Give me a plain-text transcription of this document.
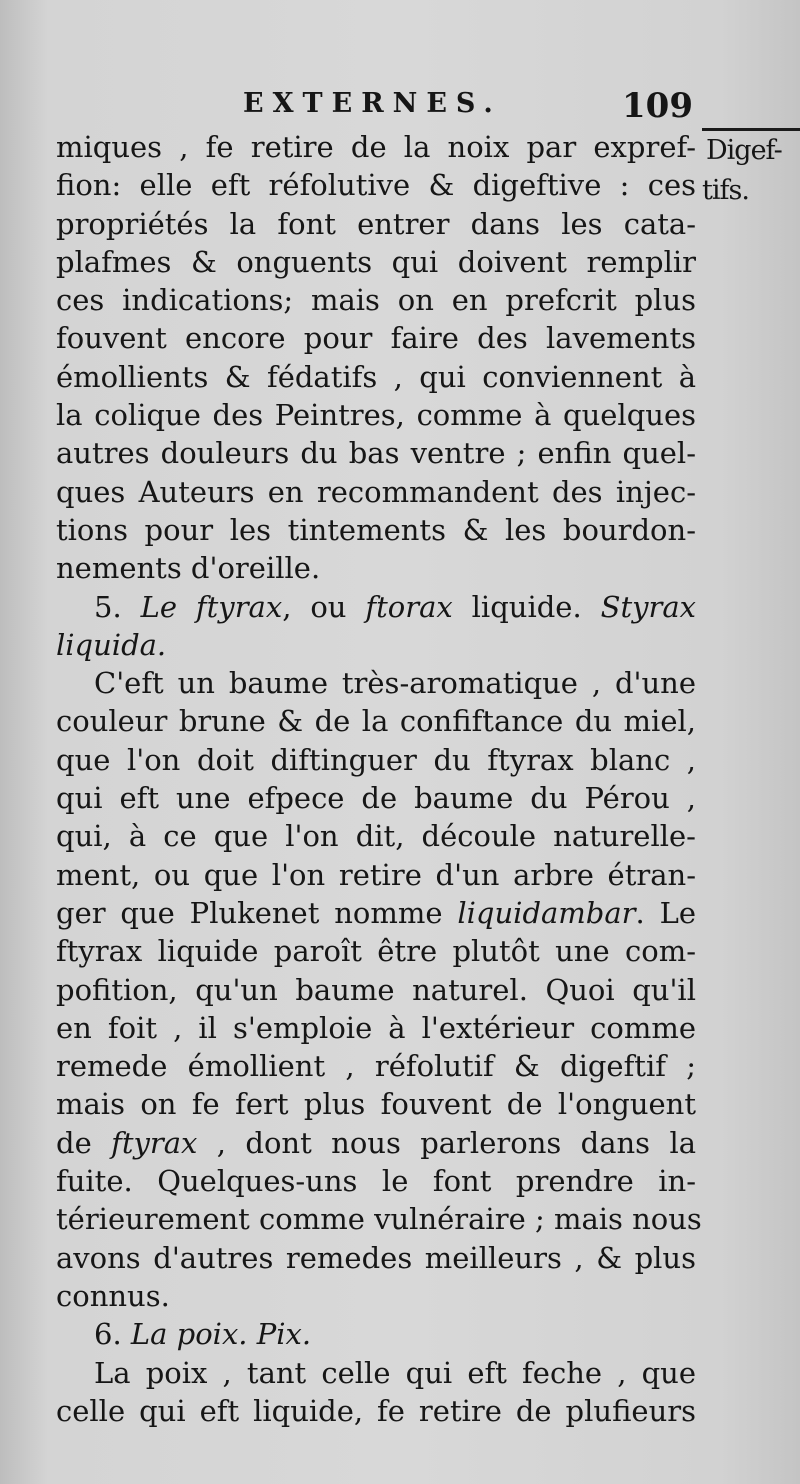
EXTERNES.	109
Digef-
tifs.
miques , fe retire de la noix par expref-
fion: elle eft réfolutive & digeftive : ces
propriétés la font entrer dans les cata-
plafmes & onguents qui doivent remplir
ces indications; mais on en prefcrit plus
fouvent encore pour faire des lavements
émollients & fédatifs , qui conviennent à
la colique des Peintres, comme à quelques
autres douleurs du bas ventre ; enfin quel-
ques Auteurs en recommandent des injec-
tions pour les tintements & les bourdon-
nements d'oreille.
5. Le ftyrax, ou ftorax liquide. Styrax
liquida.
C'eft un baume très-aromatique , d'une
couleur brune & de la confiftance du miel,
que l'on doit diftinguer du ftyrax blanc ,
qui eft une efpece de baume du Pérou ,
qui, à ce que l'on dit, découle naturelle-
ment, ou que l'on retire d'un arbre étran-
ger que Plukenet nomme liquidambar. Le
ftyrax liquide paroît être plutôt une com-
pofition, qu'un baume naturel. Quoi qu'il
en foit , il s'emploie à l'extérieur comme
remede émollient , réfolutif & digeftif ;
mais on fe fert plus fouvent de l'onguent
de ftyrax , dont nous parlerons dans la
fuite. Quelques-uns le font prendre in-
térieurement comme vulnéraire ; mais nous
avons d'autres remedes meilleurs , & plus
connus.
6. La poix. Pix.
La poix , tant celle qui eft feche , que
celle qui eft liquide, fe retire de plufieurs
